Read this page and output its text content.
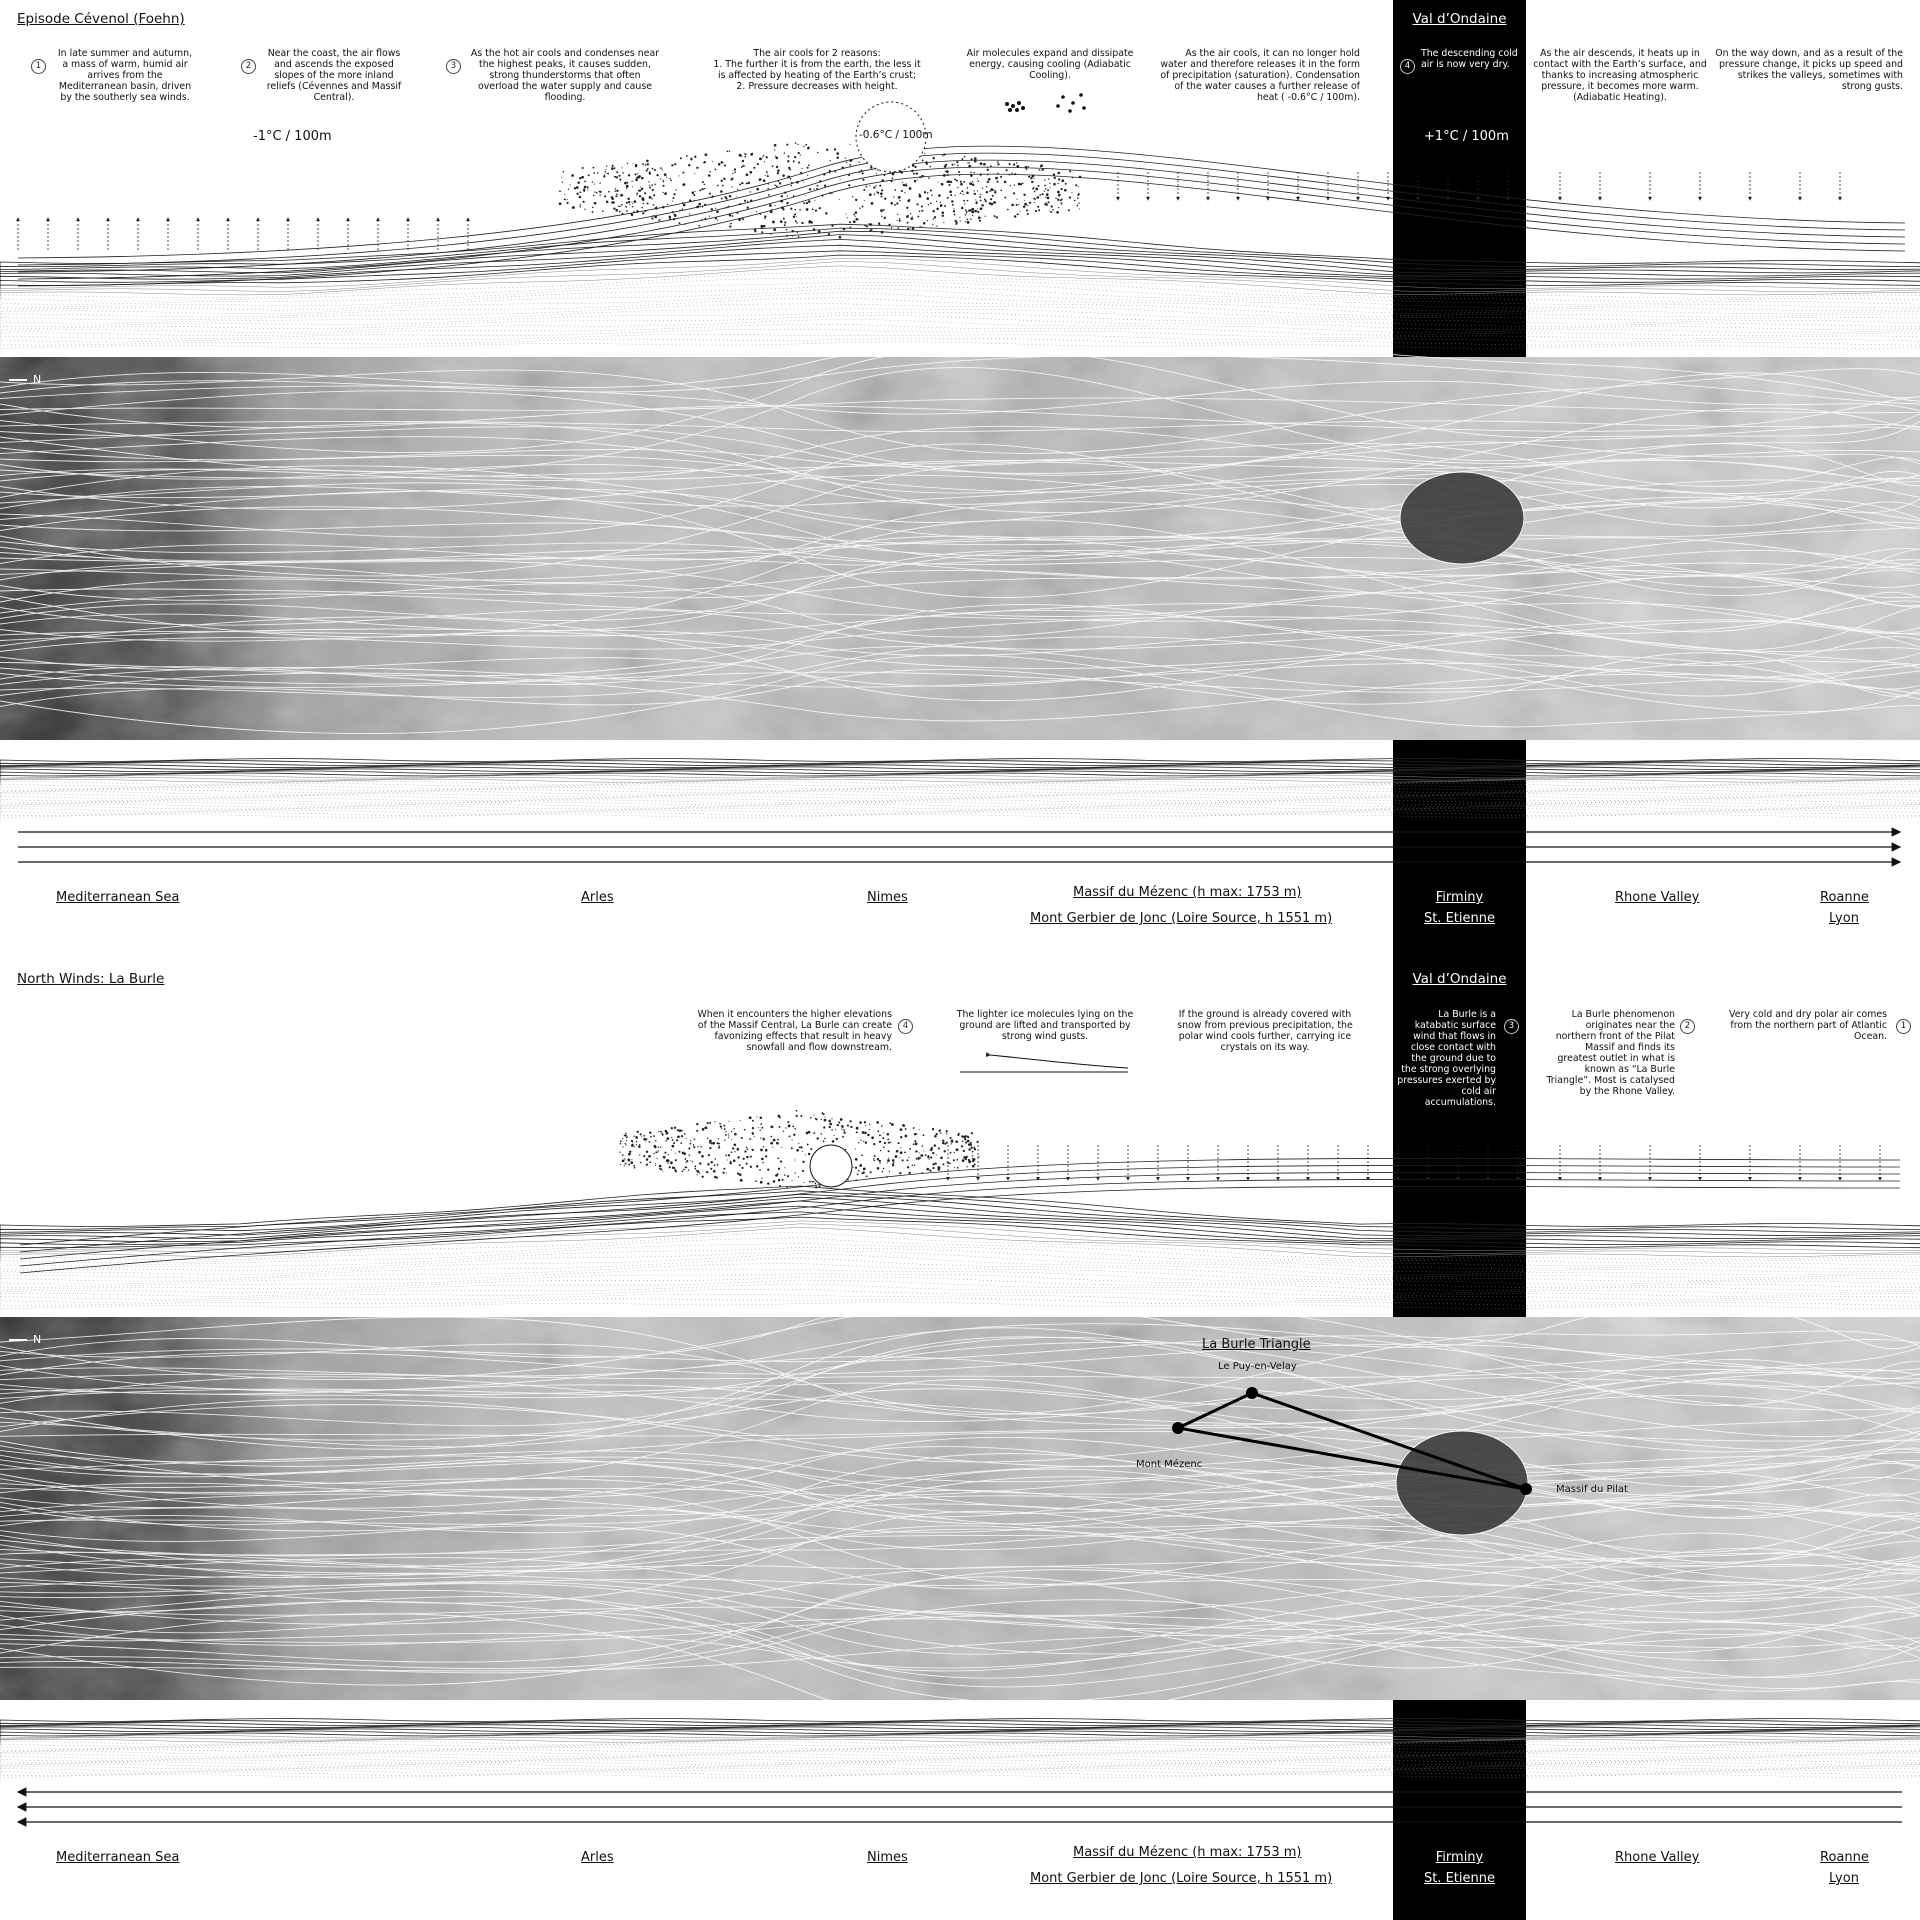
Episode Cévenol (Foehn)	Val d’Ondaine
1
In late summer and autumn, a mass of warm, humid air arrives from the Mediterranean basin, driven by the southerly sea winds.
2
Near the coast, the air flows and ascends the exposed slopes of the more inland reliefs (Cévennes and Massif Central).
3
As the hot air cools and condenses near the highest peaks, it causes sudden, strong thunderstorms that often overload the water supply and cause flooding.
The air cools for 2 reasons:
1. The further it is from the earth, the less it is affected by heating of the Earth’s crust;
2. Pressure decreases with height.
Air molecules expand and dissipate energy, causing cooling (Adiabatic Cooling).
As the air cools, it can no longer hold water and therefore releases it in the form of precipitation (saturation). Condensation of the water causes a further release of heat ( -0.6°C / 100m).
4
The descending cold air is now very dry.
As the air descends, it heats up in contact with the Earth’s surface, and thanks to increasing atmospheric pressure, it becomes more warm. (Adiabatic Heating).
On the way down, and as a result of the pressure change, it picks up speed and strikes the valleys, sometimes with strong gusts.
-1°C / 100m	-0.6°C / 100m	+1°C / 100m
N
Mediterranean Sea	Arles	Nimes	Massif du Mézenc (h max: 1753 m)
Mont Gerbier de Jonc (Loire Source, h 1551 m)
Firminy
St. Etienne
Rhone Valley	Roanne
Lyon
North Winds: La Burle	Val d’Ondaine
When it encounters the higher elevations of the Massif Central, La Burle can create favonizing effects that result in heavy snowfall and flow downstream.
4
The lighter ice molecules lying on the ground are lifted and transported by strong wind gusts.
If the ground is already covered with snow from previous precipitation, the polar wind cools further, carrying ice crystals on its way.
La Burle is a katabatic surface wind that flows in close contact with the ground due to the strong overlying pressures exerted by cold air accumulations.
3
La Burle phenomenon originates near the northern front of the Pilat Massif and finds its greatest outlet in what is known as “La Burle Triangle”. Most is catalysed by the Rhone Valley.
2
Very cold and dry polar air comes from the northern part of Atlantic Ocean.
1
N	La Burle Triangle
Le Puy-en-Velay
Mont Mézenc
Massif du Pilat
Mediterranean Sea	Arles	Nimes	Massif du Mézenc (h max: 1753 m)
Mont Gerbier de Jonc (Loire Source, h 1551 m)
Firminy
St. Etienne
Rhone Valley	Roanne
Lyon
